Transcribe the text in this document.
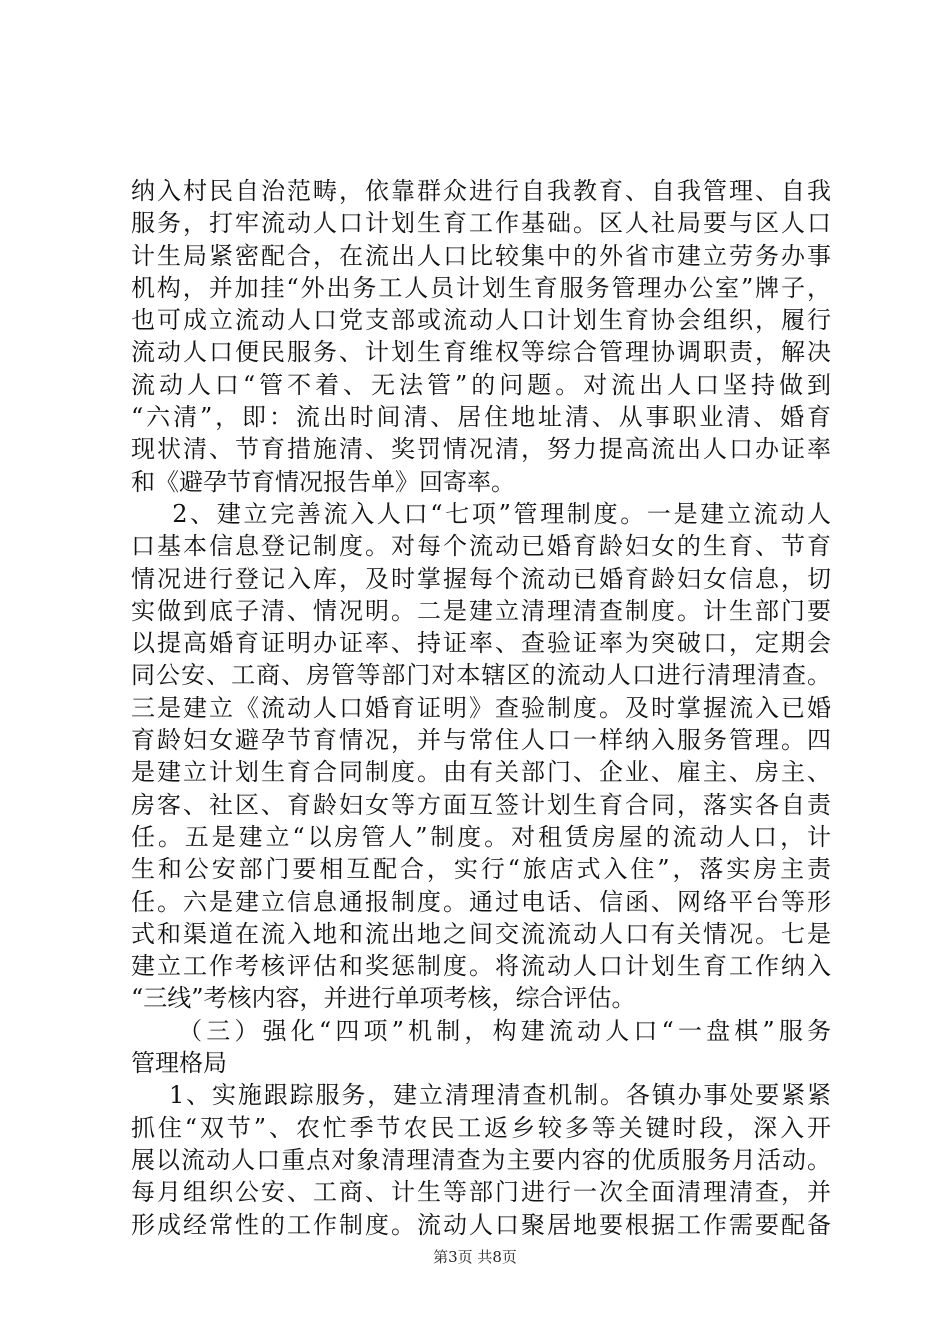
纳入村民自治范畴，依靠群众进行自我教育、自我管理、自我
服务，打牢流动人口计划生育工作基础。区人社局要与区人口
计生局紧密配合，在流出人口比较集中的外省市建立劳务办事
机构，并加挂“外出务工人员计划生育服务管理办公室”牌子，
也可成立流动人口党支部或流动人口计划生育协会组织，履行
流动人口便民服务、计划生育维权等综合管理协调职责，解决
流动人口“管不着、无法管”的问题。对流出人口坚持做到
“六清”，即：流出时间清、居住地址清、从事职业清、婚育
现状清、节育措施清、奖罚情况清，努力提高流出人口办证率
和《避孕节育情况报告单》回寄率。
2、建立完善流入人口“七项”管理制度。一是建立流动人
口基本信息登记制度。对每个流动已婚育龄妇女的生育、节育
情况进行登记入库，及时掌握每个流动已婚育龄妇女信息，切
实做到底子清、情况明。二是建立清理清查制度。计生部门要
以提高婚育证明办证率、持证率、查验证率为突破口，定期会
同公安、工商、房管等部门对本辖区的流动人口进行清理清查。
三是建立《流动人口婚育证明》查验制度。及时掌握流入已婚
育龄妇女避孕节育情况，并与常住人口一样纳入服务管理。四
是建立计划生育合同制度。由有关部门、企业、雇主、房主、
房客、社区、育龄妇女等方面互签计划生育合同，落实各自责
任。五是建立“以房管人”制度。对租赁房屋的流动人口，计
生和公安部门要相互配合，实行“旅店式入住”，落实房主责
任。六是建立信息通报制度。通过电话、信函、网络平台等形
式和渠道在流入地和流出地之间交流流动人口有关情况。七是
建立工作考核评估和奖惩制度。将流动人口计划生育工作纳入
“三线”考核内容，并进行单项考核，综合评估。
（三）强化“四项”机制，构建流动人口“一盘棋”服务
管理格局
1、实施跟踪服务，建立清理清查机制。各镇办事处要紧紧
抓住“双节”、农忙季节农民工返乡较多等关键时段，深入开
展以流动人口重点对象清理清查为主要内容的优质服务月活动。
每月组织公安、工商、计生等部门进行一次全面清理清查，并
形成经常性的工作制度。流动人口聚居地要根据工作需要配备
第3页 共8页
